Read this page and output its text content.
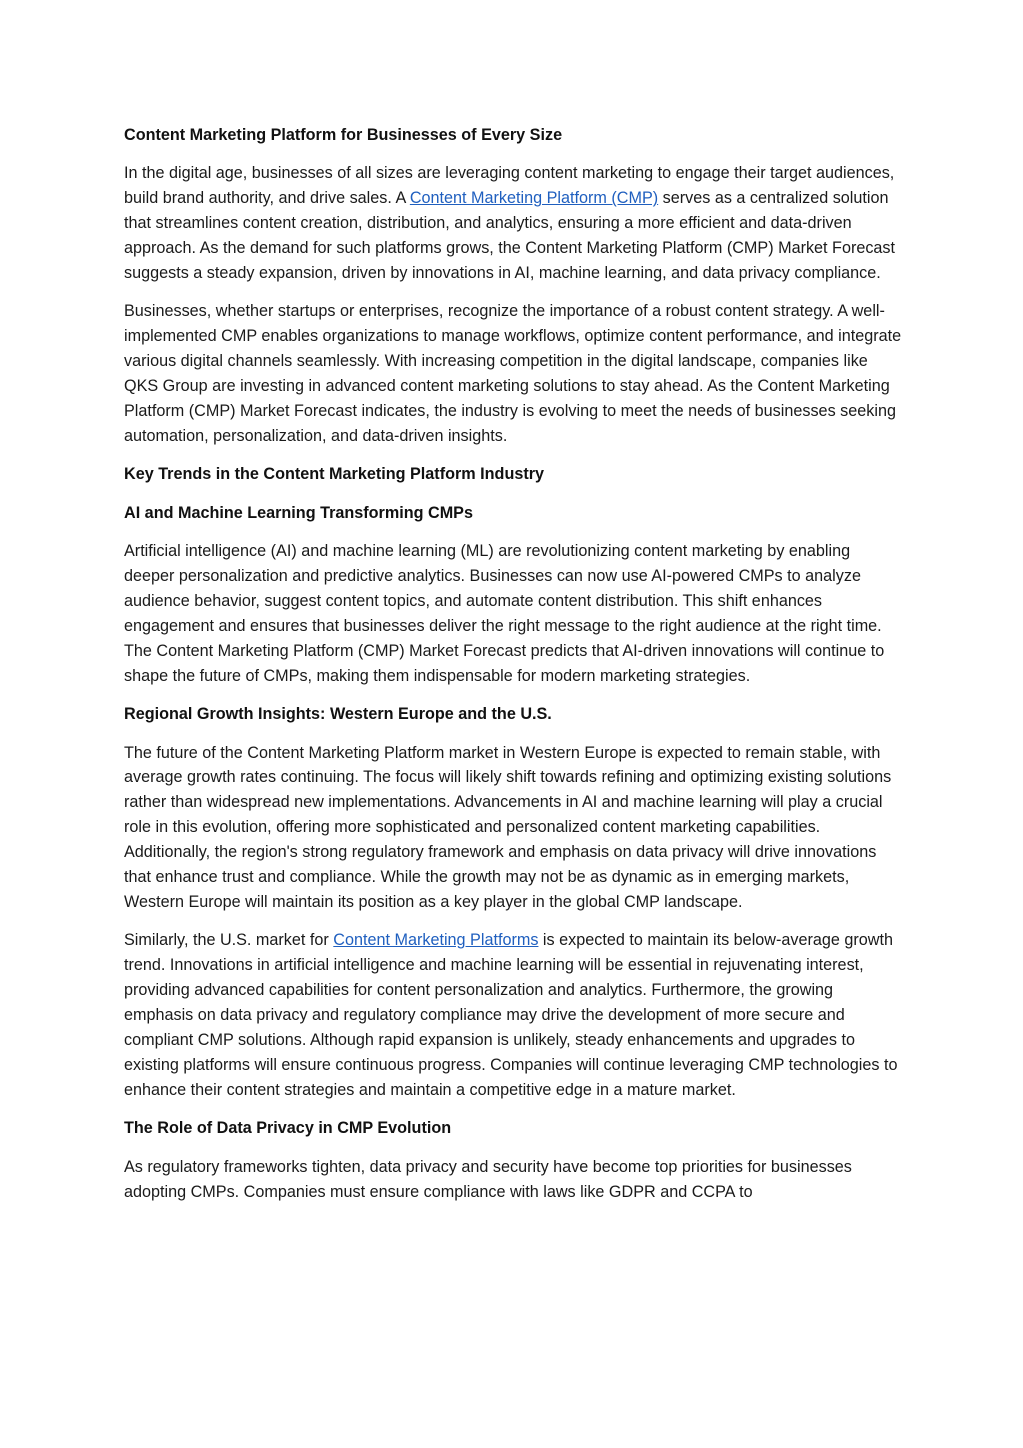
Content Marketing Platform for Businesses of Every Size

In the digital age, businesses of all sizes are leveraging content marketing to engage their target audiences, build brand authority, and drive sales. A Content Marketing Platform (CMP) serves as a centralized solution that streamlines content creation, distribution, and analytics, ensuring a more efficient and data-driven approach. As the demand for such platforms grows, the Content Marketing Platform (CMP) Market Forecast suggests a steady expansion, driven by innovations in AI, machine learning, and data privacy compliance.

Businesses, whether startups or enterprises, recognize the importance of a robust content strategy. A well-implemented CMP enables organizations to manage workflows, optimize content performance, and integrate various digital channels seamlessly. With increasing competition in the digital landscape, companies like QKS Group are investing in advanced content marketing solutions to stay ahead. As the Content Marketing Platform (CMP) Market Forecast indicates, the industry is evolving to meet the needs of businesses seeking automation, personalization, and data-driven insights.

Key Trends in the Content Marketing Platform Industry
AI and Machine Learning Transforming CMPs

Artificial intelligence (AI) and machine learning (ML) are revolutionizing content marketing by enabling deeper personalization and predictive analytics. Businesses can now use AI-powered CMPs to analyze audience behavior, suggest content topics, and automate content distribution. This shift enhances engagement and ensures that businesses deliver the right message to the right audience at the right time. The Content Marketing Platform (CMP) Market Forecast predicts that AI-driven innovations will continue to shape the future of CMPs, making them indispensable for modern marketing strategies.

Regional Growth Insights: Western Europe and the U.S.

The future of the Content Marketing Platform market in Western Europe is expected to remain stable, with average growth rates continuing. The focus will likely shift towards refining and optimizing existing solutions rather than widespread new implementations. Advancements in AI and machine learning will play a crucial role in this evolution, offering more sophisticated and personalized content marketing capabilities. Additionally, the region's strong regulatory framework and emphasis on data privacy will drive innovations that enhance trust and compliance. While the growth may not be as dynamic as in emerging markets, Western Europe will maintain its position as a key player in the global CMP landscape.

Similarly, the U.S. market for Content Marketing Platforms is expected to maintain its below-average growth trend. Innovations in artificial intelligence and machine learning will be essential in rejuvenating interest, providing advanced capabilities for content personalization and analytics. Furthermore, the growing emphasis on data privacy and regulatory compliance may drive the development of more secure and compliant CMP solutions. Although rapid expansion is unlikely, steady enhancements and upgrades to existing platforms will ensure continuous progress. Companies will continue leveraging CMP technologies to enhance their content strategies and maintain a competitive edge in a mature market.

The Role of Data Privacy in CMP Evolution

As regulatory frameworks tighten, data privacy and security have become top priorities for businesses adopting CMPs. Companies must ensure compliance with laws like GDPR and CCPA to
